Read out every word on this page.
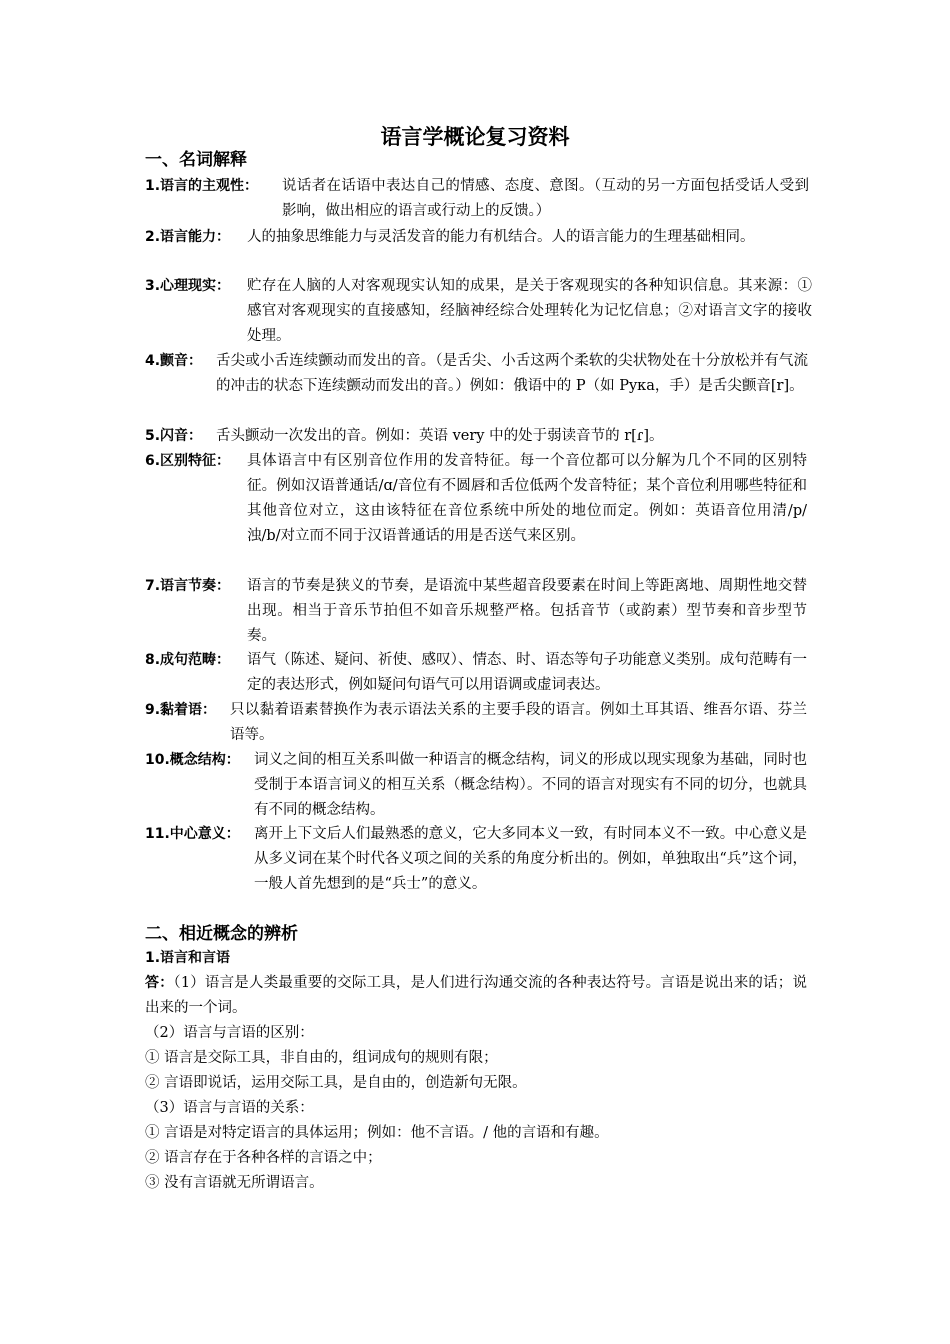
语言学概论复习资料
一、名词解释
1.语言的主观性：	说话者在话语中表达自己的情感、态度、意图。（互动的另一方面包括受话人受到影响，做出相应的语言或行动上的反馈。）
2.语言能力：	人的抽象思维能力与灵活发音的能力有机结合。人的语言能力的生理基础相同。
3.心理现实：	贮存在人脑的人对客观现实认知的成果，是关于客观现实的各种知识信息。其来源：①感官对客观现实的直接感知，经脑神经综合处理转化为记忆信息；②对语言文字的接收处理。
4.颤音： 舌尖或小舌连续颤动而发出的音。（是舌尖、小舌这两个柔软的尖状物处在十分放松并有气流的冲击的状态下连续颤动而发出的音。）例如：俄语中的 P（如 Pyка，手）是舌尖颤音[r]。
5.闪音： 舌头颤动一次发出的音。例如：英语 very 中的处于弱读音节的 r[ɾ]。
6.区别特征：	具体语言中有区别音位作用的发音特征。每一个音位都可以分解为几个不同的区别特征。例如汉语普通话/ɑ/音位有不圆唇和舌位低两个发音特征；某个音位利用哪些特征和其他音位对立，这由该特征在音位系统中所处的地位而定。例如：英语音位用清/p/浊/b/对立而不同于汉语普通话的用是否送气来区别。
7.语言节奏：	语言的节奏是狭义的节奏，是语流中某些超音段要素在时间上等距离地、周期性地交替出现。相当于音乐节拍但不如音乐规整严格。包括音节（或韵素）型节奏和音步型节奏。
8.成句范畴：	语气（陈述、疑问、祈使、感叹）、情态、时、语态等句子功能意义类别。成句范畴有一定的表达形式，例如疑问句语气可以用语调或虚词表达。
9.黏着语： 只以黏着语素替换作为表示语法关系的主要手段的语言。例如土耳其语、维吾尔语、芬兰语等。
10.概念结构： 词义之间的相互关系叫做一种语言的概念结构，词义的形成以现实现象为基础，同时也受制于本语言词义的相互关系（概念结构）。不同的语言对现实有不同的切分，也就具有不同的概念结构。
11.中心意义： 离开上下文后人们最熟悉的意义，它大多同本义一致，有时同本义不一致。中心意义是从多义词在某个时代各义项之间的关系的角度分析出的。例如，单独取出“兵”这个词，一般人首先想到的是“兵士”的意义。
二、相近概念的辨析
1.语言和言语
答：（1）语言是人类最重要的交际工具，是人们进行沟通交流的各种表达符号。言语是说出来的话；说出来的一个词。
（2）语言与言语的区别：
① 语言是交际工具，非自由的，组词成句的规则有限；
② 言语即说话，运用交际工具，是自由的，创造新句无限。
（3）语言与言语的关系：
① 言语是对特定语言的具体运用；例如：他不言语。/ 他的言语和有趣。
② 语言存在于各种各样的言语之中；
③ 没有言语就无所谓语言。
